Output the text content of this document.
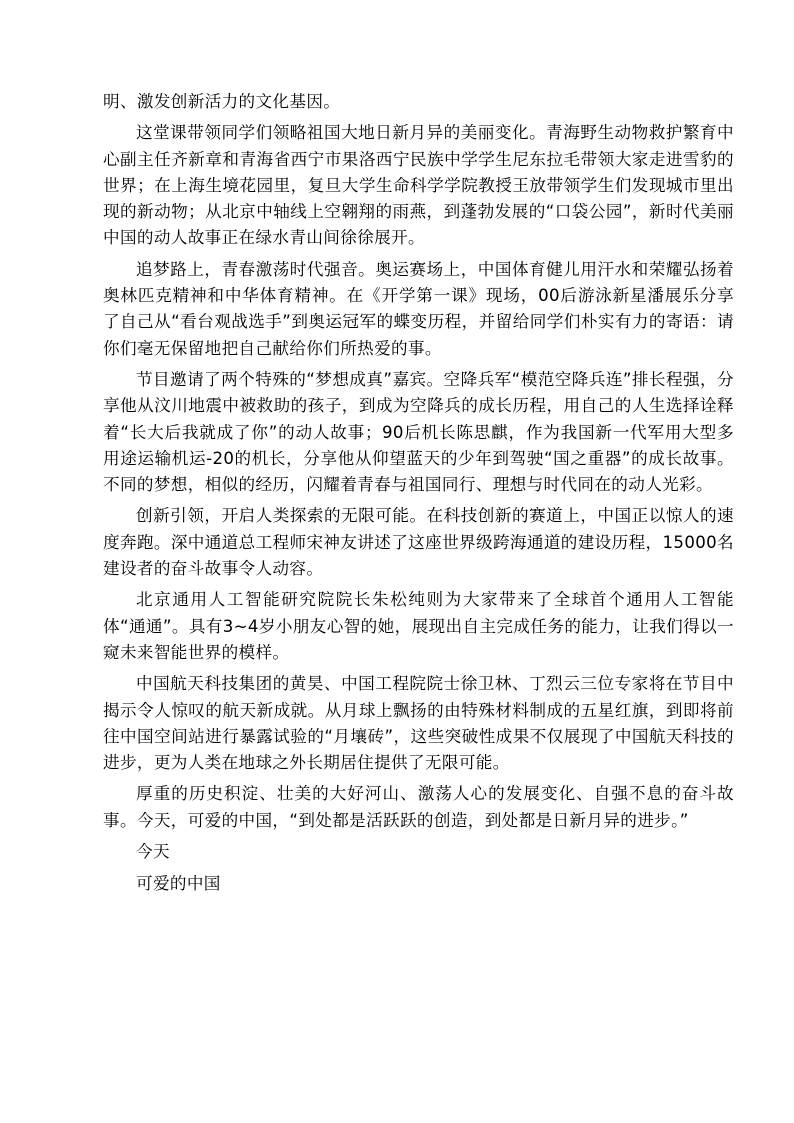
明、激发创新活力的文化基因。

这堂课带领同学们领略祖国大地日新月异的美丽变化。青海野生动物救护繁育中心副主任齐新章和青海省西宁市果洛西宁民族中学学生尼东拉毛带领大家走进雪豹的世界；在上海生境花园里，复旦大学生命科学学院教授王放带领学生们发现城市里出现的新动物；从北京中轴线上空翱翔的雨燕，到蓬勃发展的“口袋公园”，新时代美丽中国的动人故事正在绿水青山间徐徐展开。

追梦路上，青春激荡时代强音。奥运赛场上，中国体育健儿用汗水和荣耀弘扬着奥林匹克精神和中华体育精神。在《开学第一课》现场，00后游泳新星潘展乐分享了自己从“看台观战选手”到奥运冠军的蝶变历程，并留给同学们朴实有力的寄语：请你们毫无保留地把自己献给你们所热爱的事。

节目邀请了两个特殊的“梦想成真”嘉宾。空降兵军“模范空降兵连”排长程强，分享他从汶川地震中被救助的孩子，到成为空降兵的成长历程，用自己的人生选择诠释着“长大后我就成了你”的动人故事；90后机长陈思麒，作为我国新一代军用大型多用途运输机运-20的机长，分享他从仰望蓝天的少年到驾驶“国之重器”的成长故事。不同的梦想，相似的经历，闪耀着青春与祖国同行、理想与时代同在的动人光彩。

创新引领，开启人类探索的无限可能。在科技创新的赛道上，中国正以惊人的速度奔跑。深中通道总工程师宋神友讲述了这座世界级跨海通道的建设历程，15000名建设者的奋斗故事令人动容。

北京通用人工智能研究院院长朱松纯则为大家带来了全球首个通用人工智能体“通通”。具有3~4岁小朋友心智的她，展现出自主完成任务的能力，让我们得以一窥未来智能世界的模样。

中国航天科技集团的黄昊、中国工程院院士徐卫林、丁烈云三位专家将在节目中揭示令人惊叹的航天新成就。从月球上飘扬的由特殊材料制成的五星红旗，到即将前往中国空间站进行暴露试验的“月壤砖”，这些突破性成果不仅展现了中国航天科技的进步，更为人类在地球之外长期居住提供了无限可能。

厚重的历史积淀、壮美的大好河山、激荡人心的发展变化、自强不息的奋斗故事。今天，可爱的中国，“到处都是活跃跃的创造，到处都是日新月异的进步。”

今天

可爱的中国
